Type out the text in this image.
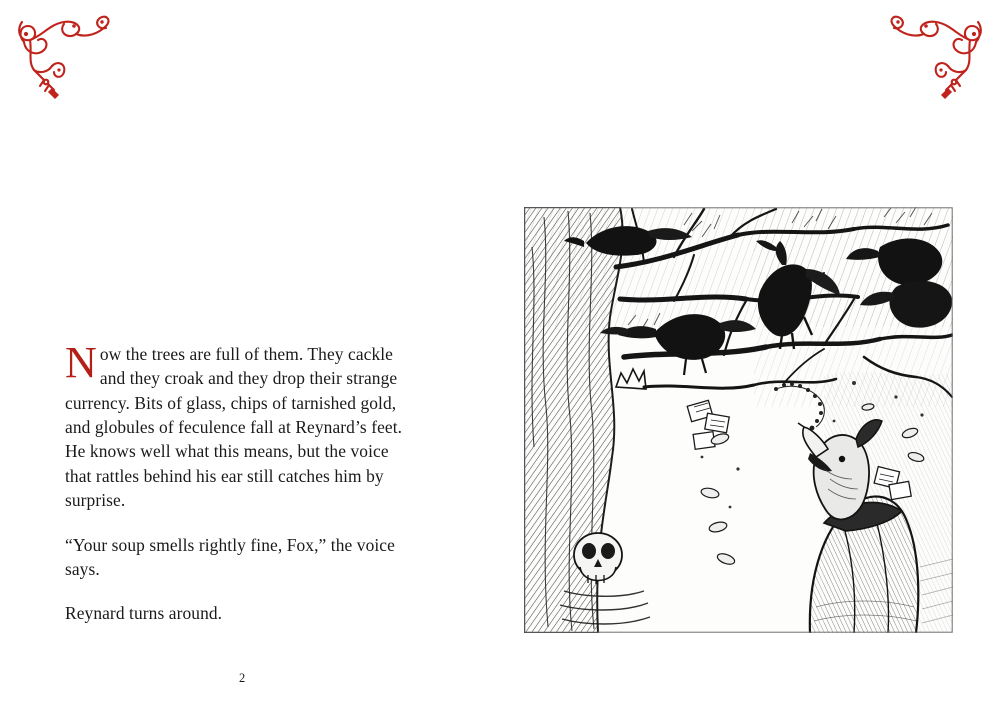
Now the trees are full of them. They cackle and they croak and they drop their strange currency. Bits of glass, chips of tarnished gold, and globules of feculence fall at Reynard’s feet. He knows well what this means, but the voice that rattles behind his ear still catches him by surprise.

“Your soup smells rightly fine, Fox,” the voice says.

Reynard turns around.

2
